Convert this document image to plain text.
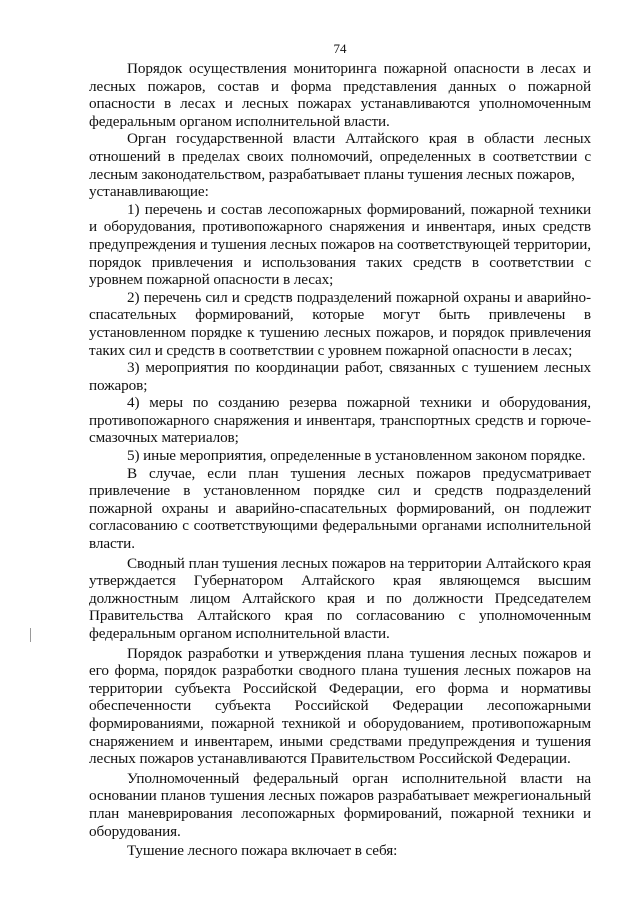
74

Порядок осуществления мониторинга пожарной опасности в лесах и лесных пожаров, состав и форма представления данных о пожарной опасности в лесах и лесных пожарах устанавливаются уполномоченным федеральным органом исполнительной власти.

Орган государственной власти Алтайского края в области лесных отношений в пределах своих полномочий, определенных в соответствии с лесным законодательством, разрабатывает планы тушения лесных пожаров,

устанавливающие:

1) перечень и состав лесопожарных формирований, пожарной техники и оборудования, противопожарного снаряжения и инвентаря, иных средств предупреждения и тушения лесных пожаров на соответствующей территории, порядок привлечения и использования таких средств в соответствии с уровнем пожарной опасности в лесах;

2) перечень сил и средств подразделений пожарной охраны и аварийно-спасательных формирований, которые могут быть привлечены в установленном порядке к тушению лесных пожаров, и порядок привлечения таких сил и средств в соответствии с уровнем пожарной опасности в лесах;

3) мероприятия по координации работ, связанных с тушением лесных пожаров;

4) меры по созданию резерва пожарной техники и оборудования, противопожарного снаряжения и инвентаря, транспортных средств и горюче-смазочных материалов;

5) иные мероприятия, определенные в установленном законом порядке.

В случае, если план тушения лесных пожаров предусматривает привлечение в установленном порядке сил и средств подразделений пожарной охраны и аварийно-спасательных формирований, он подлежит согласованию с соответствующими федеральными органами исполнительной власти.

Сводный план тушения лесных пожаров на территории Алтайского края утверждается Губернатором Алтайского края являющемся высшим должностным лицом Алтайского края и по должности Председателем Правительства Алтайского края по согласованию с уполномоченным федеральным органом исполнительной власти.

Порядок разработки и утверждения плана тушения лесных пожаров и его форма, порядок разработки сводного плана тушения лесных пожаров на территории субъекта Российской Федерации, его форма и нормативы обеспеченности субъекта Российской Федерации лесопожарными формированиями, пожарной техникой и оборудованием, противопожарным снаряжением и инвентарем, иными средствами предупреждения и тушения лесных пожаров устанавливаются Правительством Российской Федерации.

Уполномоченный федеральный орган исполнительной власти на основании планов тушения лесных пожаров разрабатывает межрегиональный план маневрирования лесопожарных формирований, пожарной техники и оборудования.

Тушение лесного пожара включает в себя:
